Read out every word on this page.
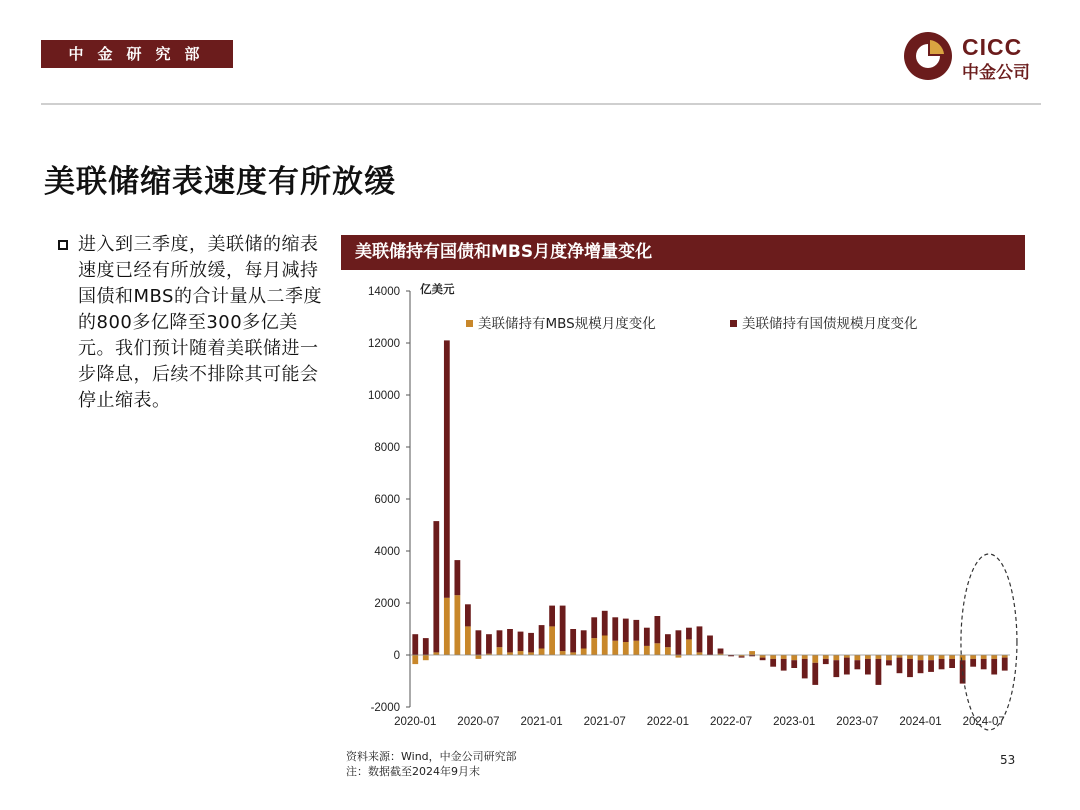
中金研究部	CICC
中金公司
美联储缩表速度有所放缓
进入到三季度，美联储的缩表速度已经有所放缓，每月减持国债和MBS的合计量从二季度的800多亿降至300多亿美元。我们预计随着美联储进一步降息，后续不排除其可能会停止缩表。
美联储持有国债和MBS月度净增量变化
-2000
0
2000
4000
6000
8000
10000
12000
14000 亿美元
2020-01 2020-07 2021-01 2021-07 2022-01 2022-07 2023-01 2023-07 2024-01 2024-07
美联储持有MBS规模月度变化	美联储持有国债规模月度变化
资料来源：Wind，中金公司研究部
注：数据截至2024年9月末
53
